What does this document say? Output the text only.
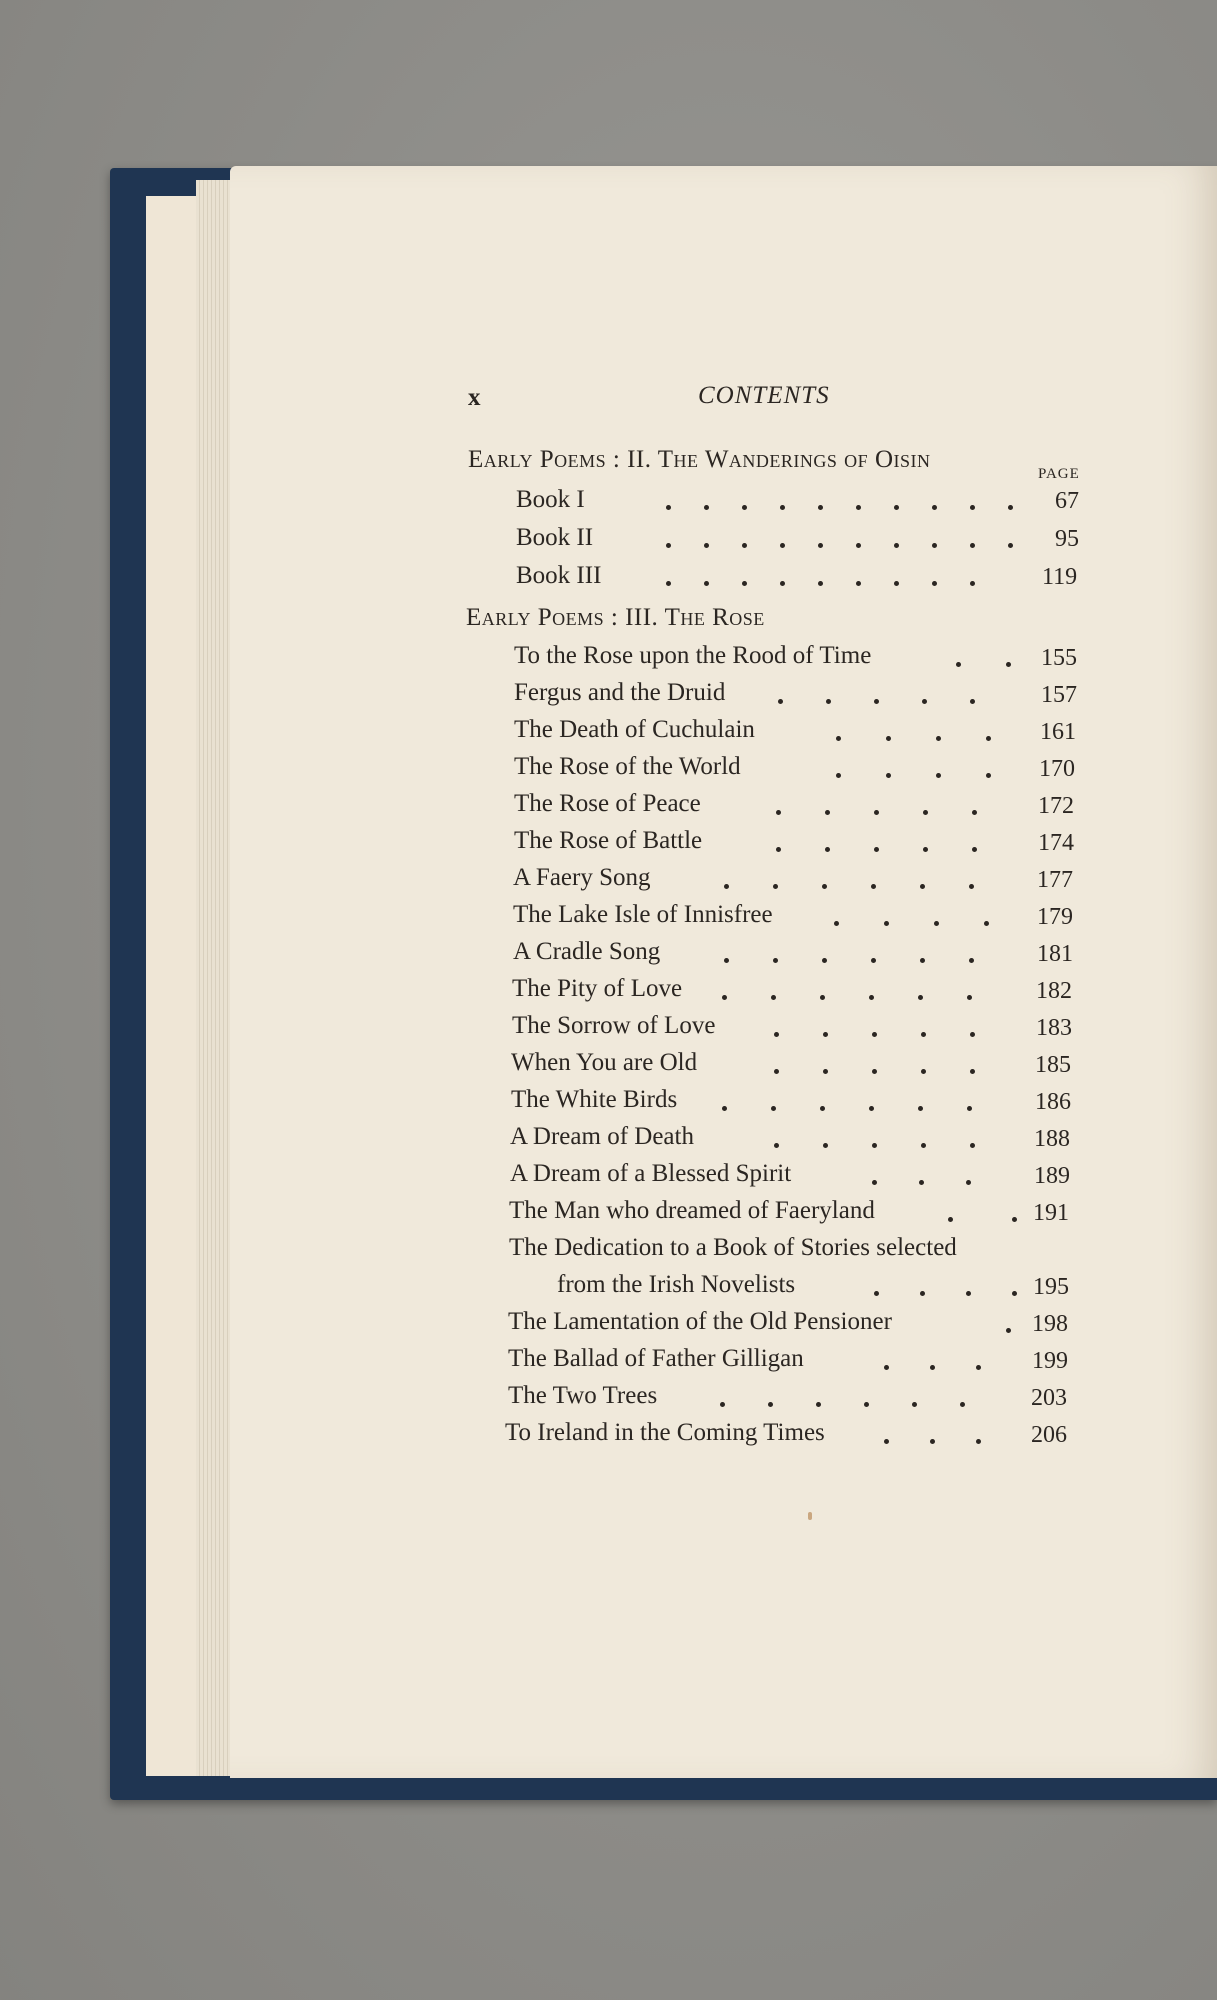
x	CONTENTS
PAGE
Early Poems : II. The Wanderings of Oisin
Book I	67
Book II	95
Book III	119
Early Poems : III. The Rose
To the Rose upon the Rood of Time	155
Fergus and the Druid	157
The Death of Cuchulain	161
The Rose of the World	170
The Rose of Peace	172
The Rose of Battle	174
A Faery Song	177
The Lake Isle of Innisfree	179
A Cradle Song	181
The Pity of Love	182
The Sorrow of Love	183
When You are Old	185
The White Birds	186
A Dream of Death	188
A Dream of a Blessed Spirit	189
The Man who dreamed of Faeryland	191
The Dedication to a Book of Stories selected
from the Irish Novelists	195
The Lamentation of the Old Pensioner	198
The Ballad of Father Gilligan	199
The Two Trees	203
To Ireland in the Coming Times	206
